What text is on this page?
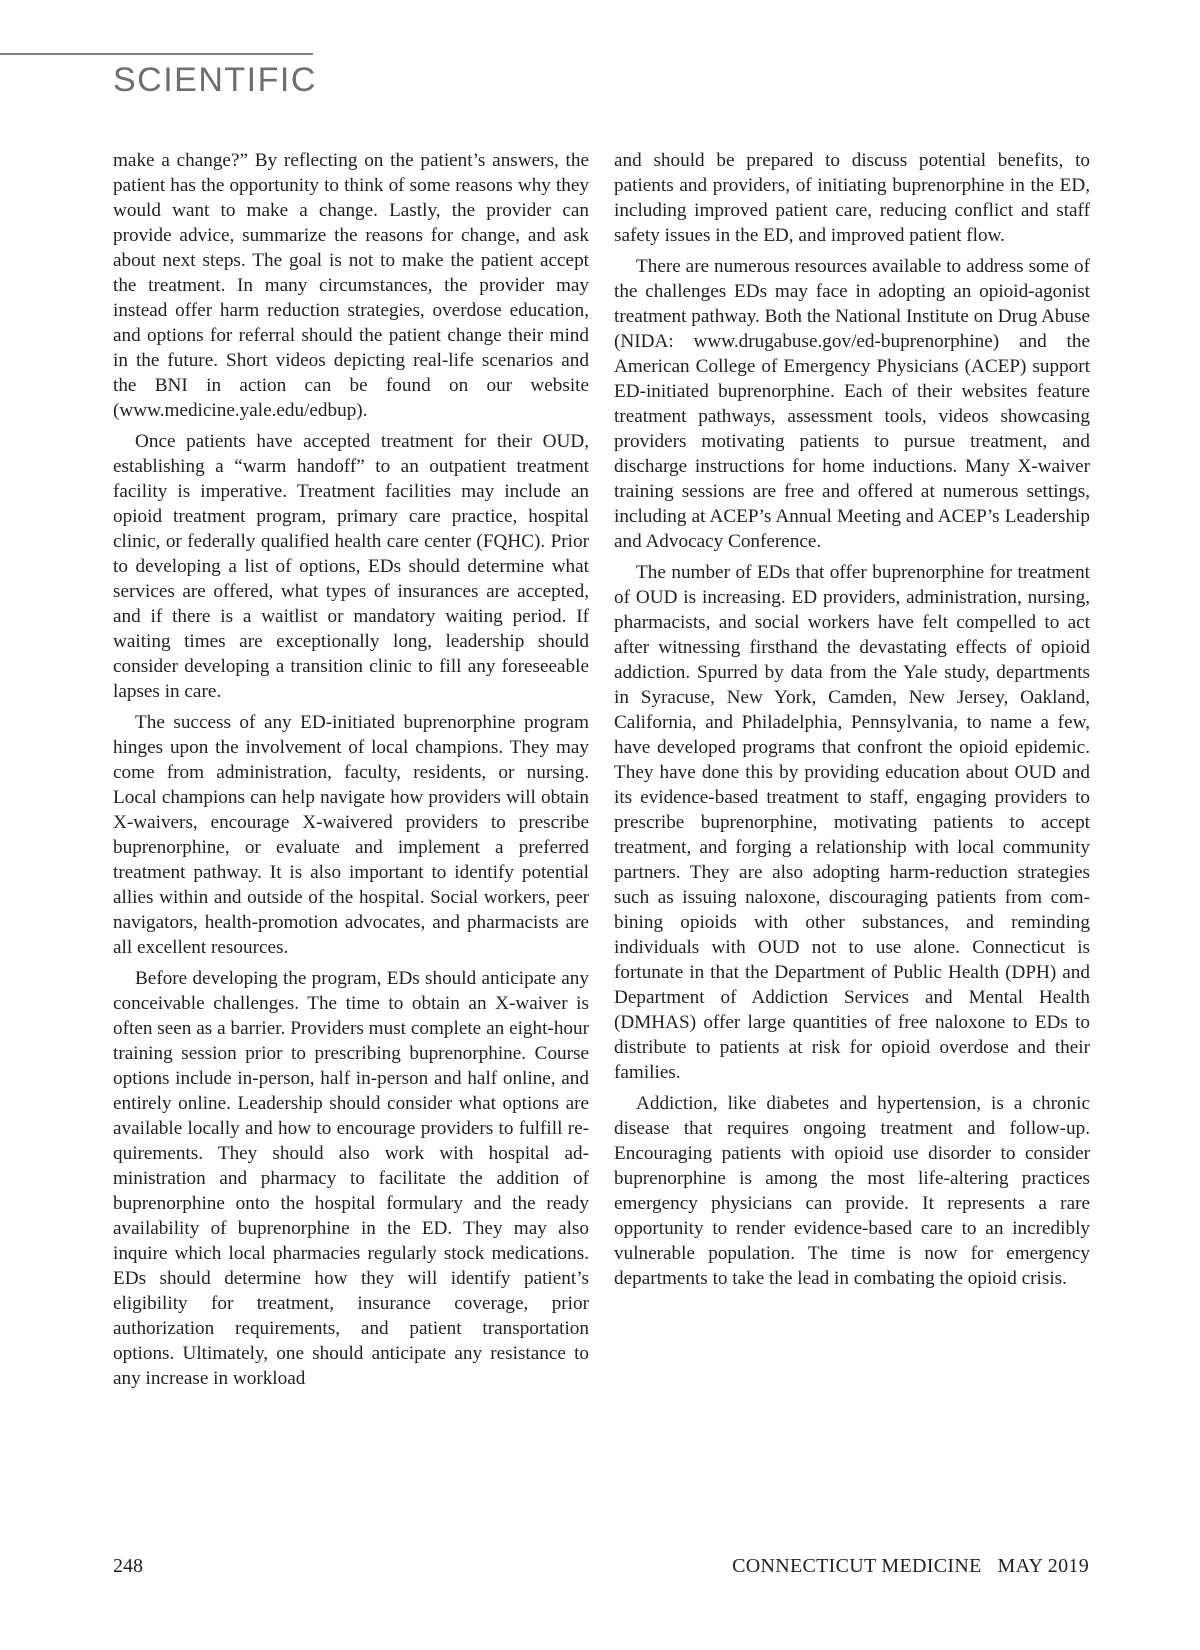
SCIENTIFIC

make a change?” By reflecting on the patient’s answers, the patient has the opportunity to think of some reasons why they would want to make a change. Lastly, the provider can provide advice, summarize the reasons for change, and ask about next steps. The goal is not to make the patient accept the treatment. In many circumstances, the provider may instead offer harm reduction strategies, overdose education, and options for referral should the patient change their mind in the future. Short videos depicting real-life scenarios and the BNI in action can be found on our website (www.medicine.yale.edu/edbup).

Once patients have accepted treatment for their OUD, establishing a “warm handoff” to an outpatient treatment facility is imperative. Treatment facilities may include an opioid treatment program, primary care practice, hospital clinic, or federally qualified health care center (FQHC). Prior to developing a list of options, EDs should determine what services are offered, what types of insurances are accepted, and if there is a waitlist or mandatory waiting period. If waiting times are exceptionally long, leadership should consider developing a transition clinic to fill any foreseeable lapses in care.

The success of any ED-initiated buprenorphine program hinges upon the involvement of local champions. They may come from administration, faculty, residents, or nursing. Local champions can help navigate how providers will obtain X-waivers, encourage X-waivered providers to prescribe buprenorphine, or evaluate and implement a preferred treatment pathway. It is also important to identify potential allies within and outside of the hospital. Social workers, peer navigators, health-promotion advocates, and pharmacists are all excellent resources.

Before developing the program, EDs should anticipate any conceivable challenges. The time to obtain an X-waiver is often seen as a barrier. Providers must complete an eight-hour training session prior to prescribing buprenorphine. Course options include in-person, half in-person and half online, and entirely online. Leadership should consider what options are available locally and how to encourage providers to fulfill requirements. They should also work with hospital administration and pharmacy to facilitate the addition of buprenorphine onto the hospital formulary and the ready availability of buprenorphine in the ED. They may also inquire which local pharmacies regularly stock medications. EDs should determine how they will identify patient’s eligibility for treatment, insurance coverage, prior authorization requirements, and patient transportation options. Ultimately, one should anticipate any resistance to any increase in workload

and should be prepared to discuss potential benefits, to patients and providers, of initiating buprenorphine in the ED, including improved patient care, reducing conflict and staff safety issues in the ED, and improved patient flow.

There are numerous resources available to address some of the challenges EDs may face in adopting an opioid-agonist treatment pathway. Both the National Institute on Drug Abuse (NIDA: www.drugabuse.​gov/ed-buprenorphine) and the American College of Emergency Physicians (ACEP) support ED-initiated buprenorphine. Each of their websites feature treatment pathways, assessment tools, videos showcasing providers motivating patients to pursue treatment, and discharge instructions for home inductions. Many X-waiver training sessions are free and offered at numerous settings, including at ACEP’s Annual Meeting and ACEP’s Leadership and Advocacy Conference.

The number of EDs that offer buprenorphine for treatment of OUD is increasing. ED providers, administration, nursing, pharmacists, and social workers have felt compelled to act after witnessing firsthand the devastating effects of opioid addiction. Spurred by data from the Yale study, departments in Syracuse, New York, Camden, New Jersey, Oakland, California, and Philadelphia, Pennsylvania, to name a few, have developed programs that confront the opioid epidemic. They have done this by providing education about OUD and its evidence-based treatment to staff, engaging providers to prescribe buprenorphine, motivating patients to accept treatment, and forging a relationship with local community partners. They are also adopting harm-reduction strategies such as issuing naloxone, discouraging patients from combining opioids with other substances, and reminding individuals with OUD not to use alone. Connecticut is fortunate in that the Department of Public Health (DPH) and Department of Addiction Services and Mental Health (DMHAS) offer large quantities of free naloxone to EDs to distribute to patients at risk for opioid overdose and their families.

Addiction, like diabetes and hypertension, is a chronic disease that requires ongoing treatment and follow-up. Encouraging patients with opioid use disorder to consider buprenorphine is among the most life-altering practices emergency physicians can provide. It represents a rare opportunity to render evidence-based care to an incredibly vulnerable population. The time is now for emergency departments to take the lead in combating the opioid crisis.

248	CONNECTICUT MEDICINE   MAY 2019
